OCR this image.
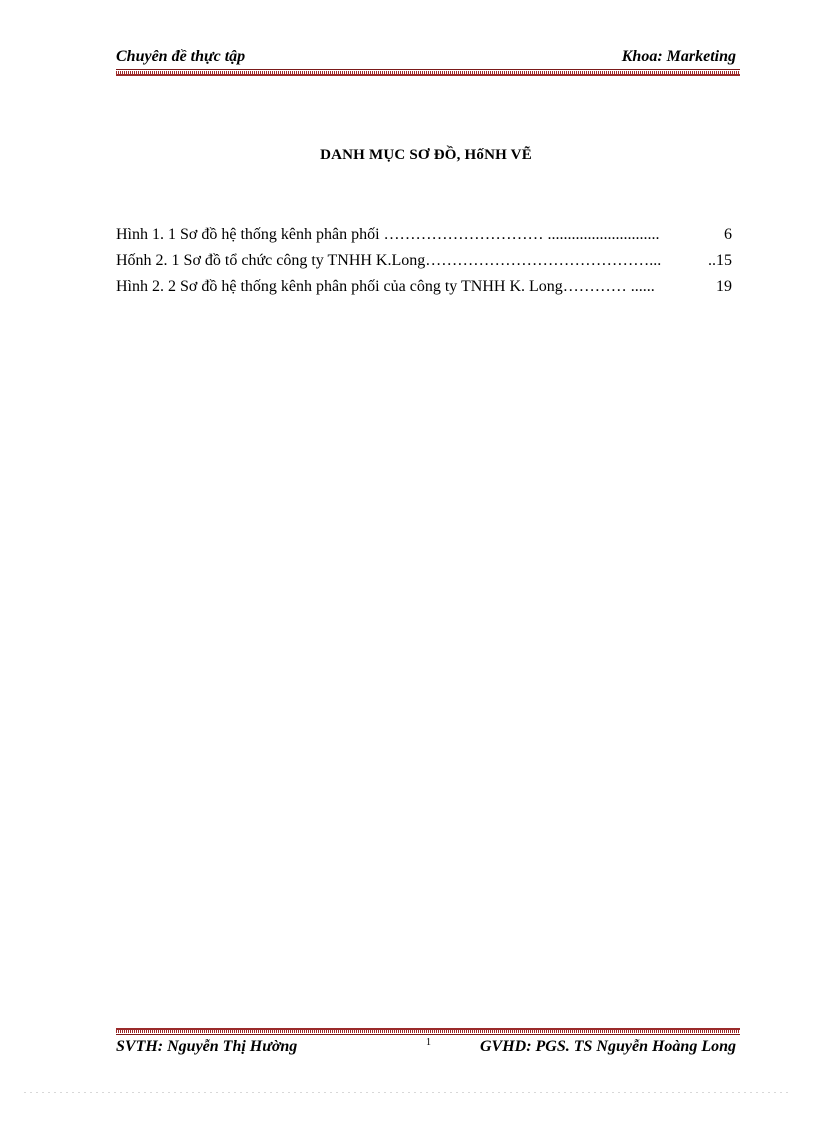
Chuyên đề thực tập	Khoa: Marketing
DANH MỤC SƠ ĐỒ, HốNH VẼ
Hình 1. 1 Sơ đồ hệ thống kênh phân phối ………………………… ............................	6
Hốnh 2. 1 Sơ đồ tổ chức công ty TNHH K.Long……………………………………...	..15
Hình 2. 2 Sơ đồ hệ thống kênh phân phối của công ty TNHH K. Long………… ......	19
SVTH: Nguyễn Thị Hường	GVHD: PGS. TS Nguyễn Hoàng Long
1
